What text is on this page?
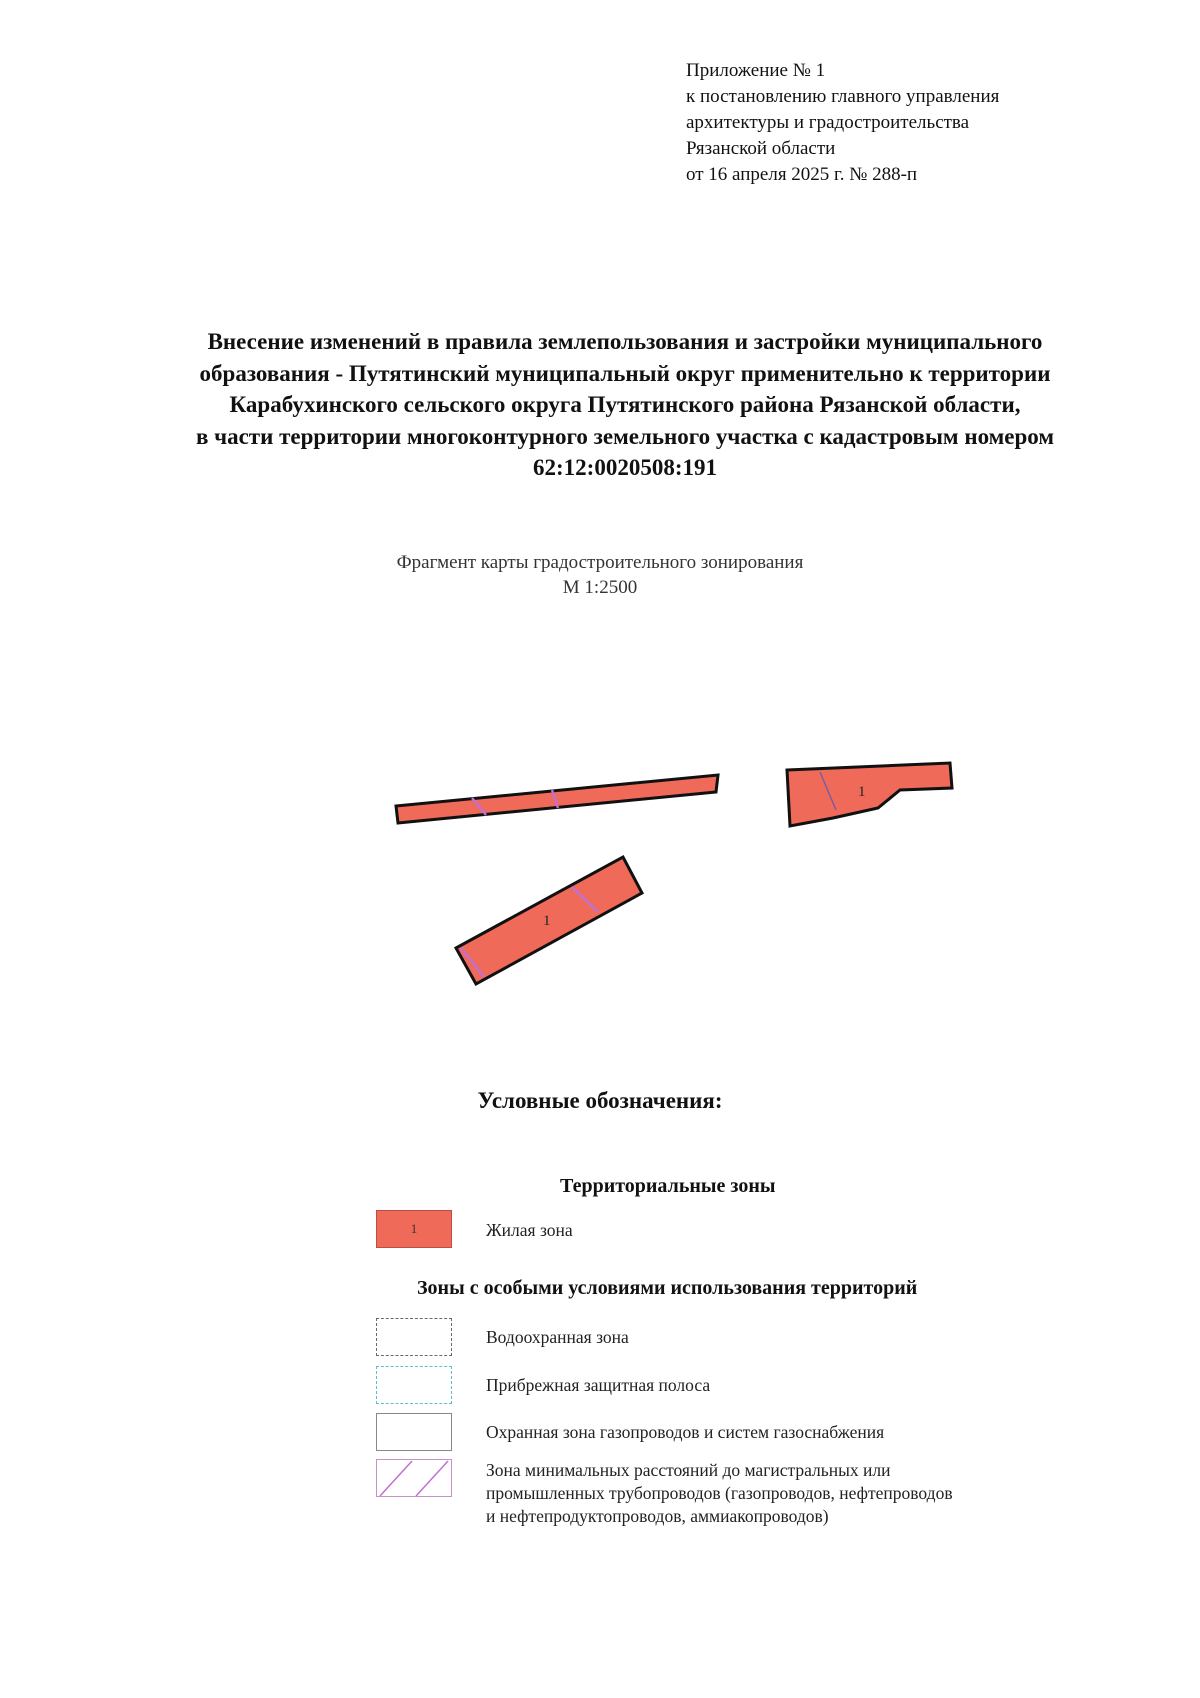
Приложение № 1
к постановлению главного управления
архитектуры и градостроительства
Рязанской области
от 16 апреля 2025 г. № 288-п
Внесение изменений в правила землепользования и застройки муниципального
образования - Путятинский муниципальный округ применительно к территории
Карабухинского сельского округа Путятинского района Рязанской области,
в части территории многоконтурного земельного участка с кадастровым номером
62:12:0020508:191
Фрагмент карты градостроительного зонирования
М 1:2500
1
1
Условные обозначения:
Территориальные зоны
1	Жилая зона
Зоны с особыми условиями использования территорий
Водоохранная зона
Прибрежная защитная полоса
Охранная зона газопроводов и систем газоснабжения
Зона минимальных расстояний до магистральных или
промышленных трубопроводов (газопроводов, нефтепроводов
и нефтепродуктопроводов, аммиакопроводов)
